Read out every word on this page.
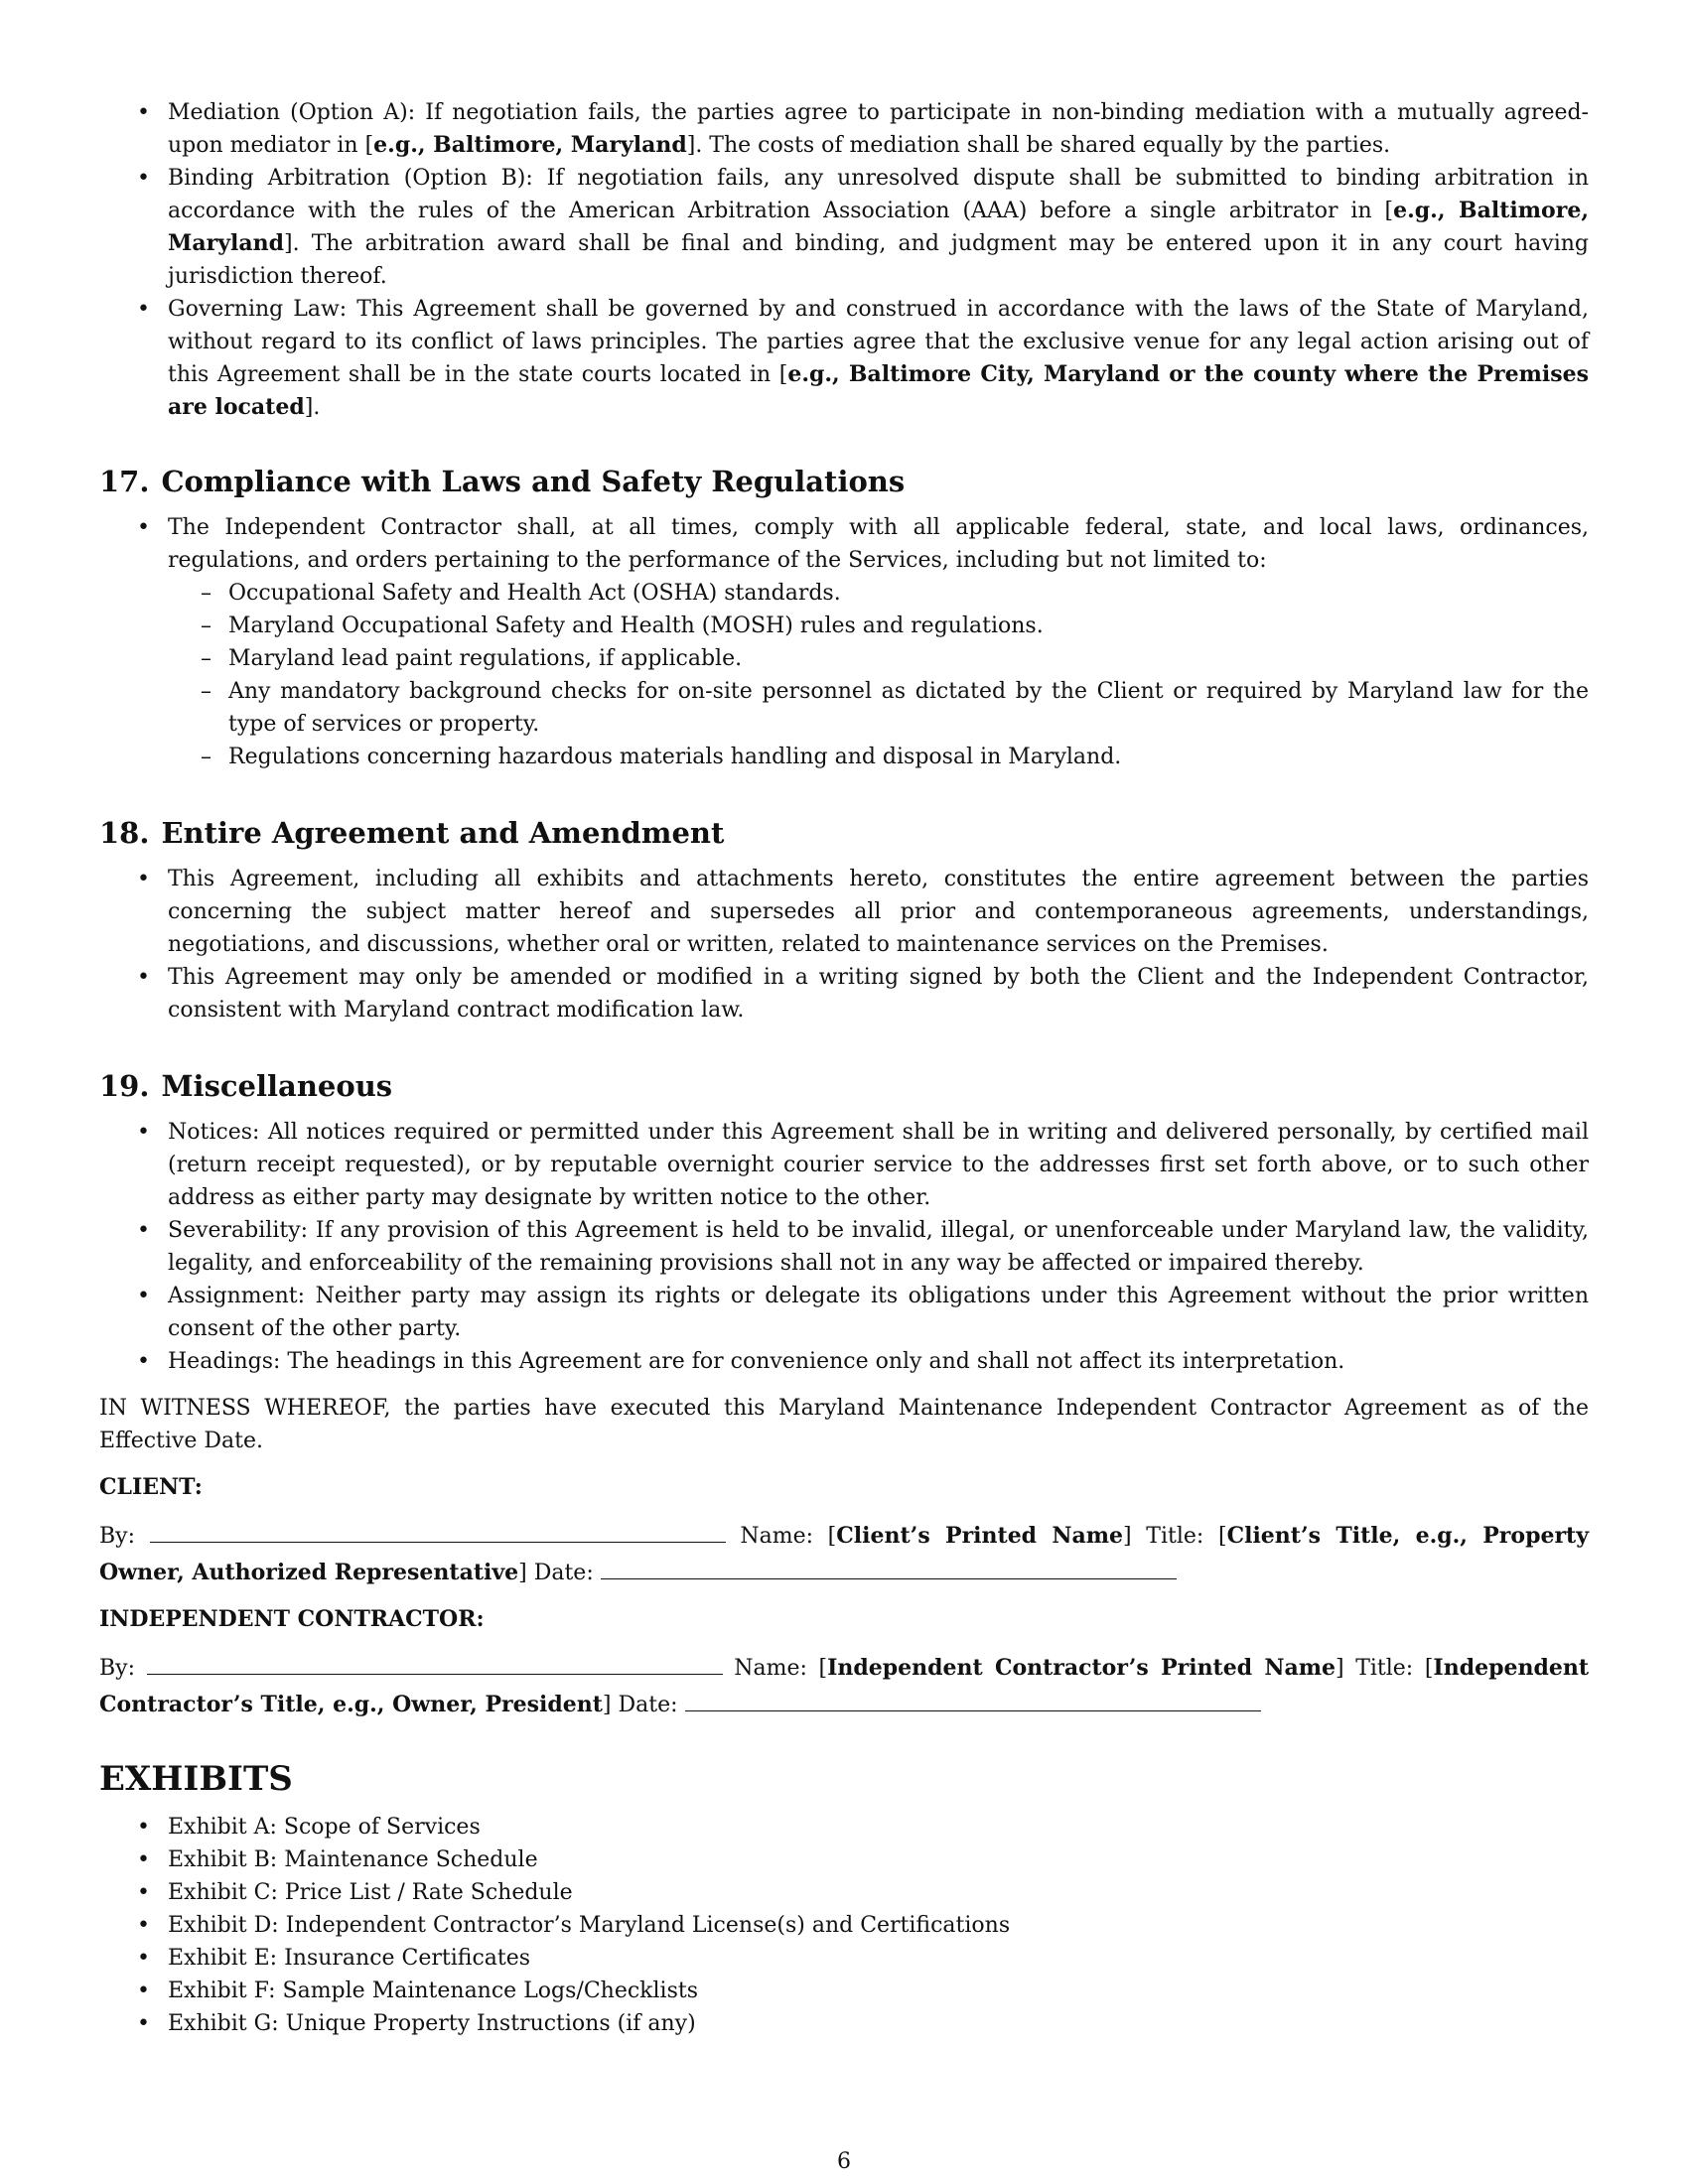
• Mediation (Option A): If negotiation fails, the parties agree to participate in non-binding mediation with a mutually agreed-upon mediator in [e.g., Baltimore, Maryland]. The costs of mediation shall be shared equally by the parties.
• Binding Arbitration (Option B): If negotiation fails, any unresolved dispute shall be submitted to binding arbitration in accordance with the rules of the American Arbitration Association (AAA) before a single arbitrator in [e.g., Baltimore, Maryland]. The arbitration award shall be final and binding, and judgment may be entered upon it in any court having jurisdiction thereof.
• Governing Law: This Agreement shall be governed by and construed in accordance with the laws of the State of Maryland, without regard to its conflict of laws principles. The parties agree that the exclusive venue for any legal action arising out of this Agreement shall be in the state courts located in [e.g., Baltimore City, Maryland or the county where the Premises are located].
17. Compliance with Laws and Safety Regulations
• The Independent Contractor shall, at all times, comply with all applicable federal, state, and local laws, ordinances, regulations, and orders pertaining to the performance of the Services, including but not limited to:
– Occupational Safety and Health Act (OSHA) standards.
– Maryland Occupational Safety and Health (MOSH) rules and regulations.
– Maryland lead paint regulations, if applicable.
– Any mandatory background checks for on-site personnel as dictated by the Client or required by Maryland law for the type of services or property.
– Regulations concerning hazardous materials handling and disposal in Maryland.
18. Entire Agreement and Amendment
• This Agreement, including all exhibits and attachments hereto, constitutes the entire agreement between the parties concerning the subject matter hereof and supersedes all prior and contemporaneous agreements, understandings, negotiations, and discussions, whether oral or written, related to maintenance services on the Premises.
• This Agreement may only be amended or modified in a writing signed by both the Client and the Independent Contractor, consistent with Maryland contract modification law.
19. Miscellaneous
• Notices: All notices required or permitted under this Agreement shall be in writing and delivered personally, by certified mail (return receipt requested), or by reputable overnight courier service to the addresses first set forth above, or to such other address as either party may designate by written notice to the other.
• Severability: If any provision of this Agreement is held to be invalid, illegal, or unenforceable under Maryland law, the validity, legality, and enforceability of the remaining provisions shall not in any way be affected or impaired thereby.
• Assignment: Neither party may assign its rights or delegate its obligations under this Agreement without the prior written consent of the other party.
• Headings: The headings in this Agreement are for convenience only and shall not affect its interpretation.

IN WITNESS WHEREOF, the parties have executed this Maryland Maintenance Independent Contractor Agreement as of the Effective Date.

CLIENT:

By:	Name: [Client’s Printed Name] Title: [Client’s Title, e.g., Property Owner, Authorized Representative] Date:

INDEPENDENT CONTRACTOR:

By:	Name: [Independent Contractor’s Printed Name] Title: [Independent Contractor’s Title, e.g., Owner, President] Date:

EXHIBITS
• Exhibit A: Scope of Services
• Exhibit B: Maintenance Schedule
• Exhibit C: Price List / Rate Schedule
• Exhibit D: Independent Contractor’s Maryland License(s) and Certifications
• Exhibit E: Insurance Certificates
• Exhibit F: Sample Maintenance Logs/Checklists
• Exhibit G: Unique Property Instructions (if any)
6
